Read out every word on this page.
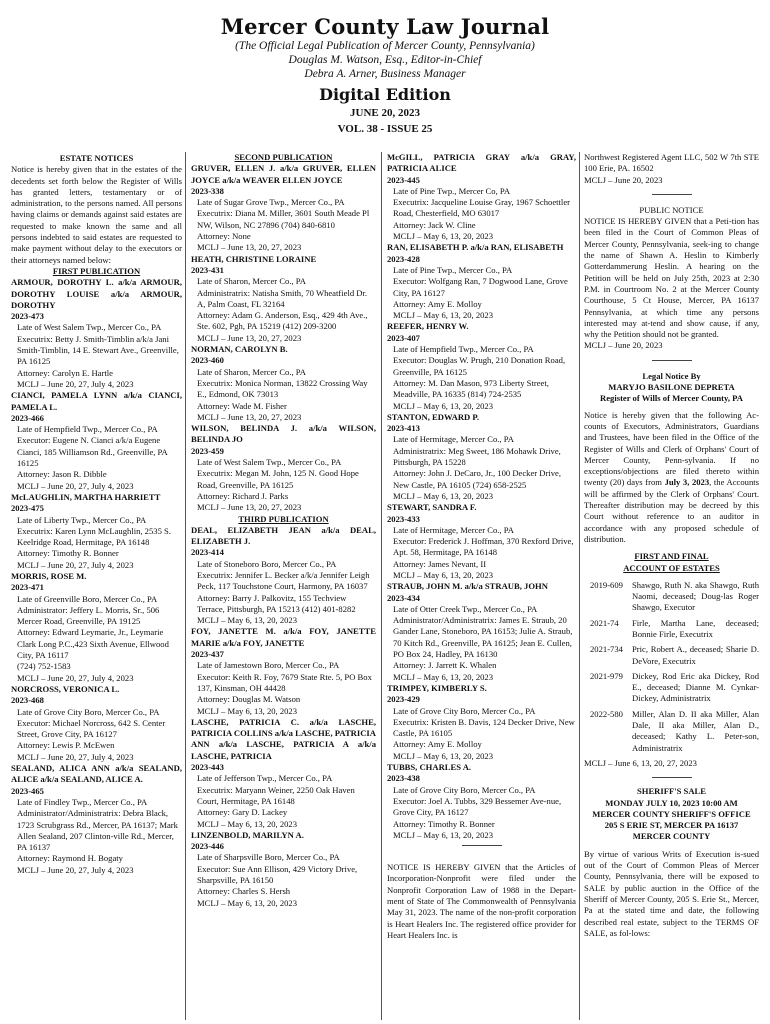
Mercer County Law Journal
(The Official Legal Publication of Mercer County, Pennsylvania)
Douglas M. Watson, Esq., Editor-in-Chief
Debra A. Arner, Business Manager
Digital Edition
JUNE 20, 2023
VOL. 38 - ISSUE 25
ESTATE NOTICES
Notice is hereby given that in the estates of the decedents set forth below the Register of Wills has granted letters, testamentary or of administration, to the persons named. All persons having claims or demands against said estates are requested to make known the same and all persons indebted to said estates are requested to make payment without delay to the executors or their attorneys named below:
FIRST PUBLICATION
ARMOUR, DOROTHY L. a/k/a ARMOUR, DOROTHY LOUISE a/k/a ARMOUR, DOROTHY
2023-473
Late of West Salem Twp., Mercer Co., PA
Executrix: Betty J. Smith-Timblin a/k/a Jani Smith-Timblin, 14 E. Stewart Ave., Greenville, PA 16125
Attorney: Carolyn E. Hartle
MCLJ – June 20, 27, July 4, 2023
CIANCI, PAMELA LYNN a/k/a CIANCI, PAMELA L.
2023-466
Late of Hempfield Twp., Mercer Co., PA
Executor: Eugene N. Cianci a/k/a Eugene Cianci, 185 Williamson Rd., Greenville, PA 16125
Attorney: Jason R. Dibble
MCLJ – June 20, 27, July 4, 2023
McLAUGHLIN, MARTHA HARRIETT
2023-475
Late of Liberty Twp., Mercer Co., PA
Executrix: Karen Lynn McLaughlin, 2535 S. Keelridge Road, Hermitage, PA 16148
Attorney: Timothy R. Bonner
MCLJ – June 20, 27, July 4, 2023
MORRIS, ROSE M.
2023-471
Late of Greenville Boro, Mercer Co., PA
Administrator: Jeffery L. Morris, Sr., 506 Mercer Road, Greenville, PA 19125
Attorney: Edward Leymarie, Jr., Leymarie Clark Long P.C.,423 Sixth Avenue, Ellwood City, PA 16117
(724) 752-1583
MCLJ – June 20, 27, July 4, 2023
NORCROSS, VERONICA L.
2023-468
Late of Grove City Boro, Mercer Co., PA
Executor: Michael Norcross, 642 S. Center Street, Grove City, PA 16127
Attorney: Lewis P. McEwen
MCLJ – June 20, 27, July 4, 2023
SEALAND, ALICA ANN a/k/a SEALAND, ALICE a/k/a SEALAND, ALICE A.
2023-465
Late of Findley Twp., Mercer Co., PA
Administrator/Administratrix: Debra Black, 1723 Scrubgrass Rd., Mercer, PA 16137; Mark Allen Sealand, 207 Clinton-ville Rd., Mercer, PA 16137
Attorney: Raymond H. Bogaty
MCLJ – June 20, 27, July 4, 2023
SECOND PUBLICATION
GRUVER, ELLEN J. a/k/a GRUVER, ELLEN JOYCE a/k/a WEAVER ELLEN JOYCE
2023-338
Late of Sugar Grove Twp., Mercer Co., PA
Executrix: Diana M. Miller, 3601 South Meade Pl NW, Wilson, NC 27896 (704) 840-6810
Attorney: None
MCLJ – June 13, 20, 27, 2023
HEATH, CHRISTINE LORAINE
2023-431
Late of Sharon, Mercer Co., PA
Administratrix: Natisha Smith, 70 Wheatfield Dr. A, Palm Coast, FL 32164
Attorney: Adam G. Anderson, Esq., 429 4th Ave., Ste. 602, Pgh, PA 15219 (412) 209-3200
MCLJ – June 13, 20, 27, 2023
NORMAN, CAROLYN B.
2023-460
Late of Sharon, Mercer Co., PA
Executrix: Monica Norman, 13822 Crossing Way E., Edmond, OK 73013
Attorney: Wade M. Fisher
MCLJ – June 13, 20, 27, 2023
WILSON, BELINDA J. a/k/a WILSON, BELINDA JO
2023-459
Late of West Salem Twp., Mercer Co., PA
Executrix: Megan M. John, 125 N. Good Hope Road, Greenville, PA 16125
Attorney: Richard J. Parks
MCLJ – June 13, 20, 27, 2023
THIRD PUBLICATION
DEAL, ELIZABETH JEAN a/k/a DEAL, ELIZABETH J.
2023-414
Late of Stoneboro Boro, Mercer Co., PA
Executrix: Jennifer L. Becker a/k/a Jennifer Leigh Peck, 117 Touchstone Court, Harmony, PA 16037
Attorney: Barry J. Palkovitz, 155 Techview Terrace, Pittsburgh, PA 15213 (412) 401-8282
MCLJ – May 6, 13, 20, 2023
FOY, JANETTE M. a/k/a FOY, JANETTE MARIE a/k/a FOY, JANETTE
2023-437
Late of Jamestown Boro, Mercer Co., PA
Executor: Keith R. Foy, 7679 State Rte. 5, PO Box 137, Kinsman, OH 44428
Attorney: Douglas M. Watson
MCLJ – May 6, 13, 20, 2023
LASCHE, PATRICIA C. a/k/a LASCHE, PATRICIA COLLINS a/k/a LASCHE, PATRICIA ANN a/k/a LASCHE, PATRICIA A a/k/a LASCHE, PATRICIA
2023-443
Late of Jefferson Twp., Mercer Co., PA
Executrix: Maryann Weiner, 2250 Oak Haven Court, Hermitage, PA 16148
Attorney: Gary D. Lackey
MCLJ – May 6, 13, 20, 2023
LINZENBOLD, MARILYN A.
2023-446
Late of Sharpsville Boro, Mercer Co., PA
Executor: Sue Ann Ellison, 429 Victory Drive, Sharpsville, PA 16150
Attorney: Charles S. Hersh
MCLJ – May 6, 13, 20, 2023
McGILL, PATRICIA GRAY a/k/a GRAY, PATRICIA ALICE
2023-445
Late of Pine Twp., Mercer Co, PA
Executrix: Jacqueline Louise Gray, 1967 Schoettler Road, Chesterfield, MO 63017
Attorney: Jack W. Cline
MCLJ – May 6, 13, 20, 2023
RAN, ELISABETH P. a/k/a RAN, ELISABETH
2023-428
Late of Pine Twp., Mercer Co., PA
Executor: Wolfgang Ran, 7 Dogwood Lane, Grove City, PA 16127
Attorney: Amy E. Molloy
MCLJ – May 6, 13, 20, 2023
REEFER, HENRY W.
2023-407
Late of Hempfield Twp., Mercer Co., PA
Executor: Douglas W. Prugh, 210 Donation Road, Greenville, PA 16125
Attorney: M. Dan Mason, 973 Liberty Street, Meadville, PA 16335 (814) 724-2535
MCLJ – May 6, 13, 20, 2023
STANTON, EDWARD P.
2023-413
Late of Hermitage, Mercer Co., PA
Administratrix: Meg Sweet, 186 Mohawk Drive, Pittsburgh, PA 15228
Attorney: John J. DeCaro, Jr., 100 Decker Drive, New Castle, PA 16105 (724) 658-2525
MCLJ – May 6, 13, 20, 2023
STEWART, SANDRA F.
2023-433
Late of Hermitage, Mercer Co., PA
Executor: Frederick J. Hoffman, 370 Rexford Drive, Apt. 58, Hermitage, PA 16148
Attorney: James Nevant, II
MCLJ – May 6, 13, 20, 2023
STRAUB, JOHN M. a/k/a STRAUB, JOHN
2023-434
Late of Otter Creek Twp., Mercer Co., PA
Administrator/Administratrix: James E. Straub, 20 Gander Lane, Stoneboro, PA 16153; Julie A. Straub, 70 Kitch Rd., Greenville, PA 16125; Jean E. Cullen, PO Box 24, Hadley, PA 16130
Attorney: J. Jarrett K. Whalen
MCLJ – May 6, 13, 20, 2023
TRIMPEY, KIMBERLY S.
2023-429
Late of Grove City Boro, Mercer Co., PA
Executrix: Kristen B. Davis, 124 Decker Drive, New Castle, PA 16105
Attorney: Amy E. Molloy
MCLJ – May 6, 13, 20, 2023
TUBBS, CHARLES A.
2023-438
Late of Grove City Boro, Mercer Co., PA
Executor: Joel A. Tubbs, 329 Bessemer Ave-nue, Grove City, PA 16127
Attorney: Timothy R. Bonner
MCLJ – May 6, 13, 20, 2023
NOTICE IS HEREBY GIVEN that the Articles of Incorporation-Nonprofit were filed under the Nonprofit Corporation Law of 1988 in the Depart-ment of State of The Commonwealth of Pennsylvania May 31, 2023. The name of the non-profit corporation is Heart Healers Inc. The registered office provider for Heart Healers Inc. is
Northwest Registered Agent LLC, 502 W 7th STE 100 Erie, PA. 16502
MCLJ – June 20, 2023
PUBLIC NOTICE
NOTICE IS HEREBY GIVEN that a Peti-tion has been filed in the Court of Common Pleas of Mercer County, Pennsylvania, seek-ing to change the name of Shawn A. Heslin to Kimberly Gotterdammerung Heslin. A hearing on the Petition will be held on July 25th, 2023 at 2:30 P.M. in Courtroom No. 2 at the Mercer County Courthouse, 5 Ct House, Mercer, PA 16137 Pennsylvania, at which time any persons interested may at-tend and show cause, if any, why the Petition should not be granted.
MCLJ – June 20, 2023
Legal Notice By
MARYJO BASILONE DEPRETA
Register of Wills of Mercer County, PA
Notice is hereby given that the following Ac-counts of Executors, Administrators, Guardians and Trustees, have been filed in the Office of the Register of Wills and Clerk of Orphans' Court of Mercer County, Penn-sylvania. If no exceptions/objections are filed thereto within twenty (20) days from July 3, 2023, the Accounts will be affirmed by the Clerk of Orphans' Court. Thereafter distribution may be decreed by this Court without reference to an auditor in accordance with any proposed schedule of distribution.
FIRST AND FINAL
ACCOUNT OF ESTATES
2019-609	Shawgo, Ruth N. aka Shawgo, Ruth Naomi, deceased; Doug-las Roger Shawgo, Executor
2021-74	Firle, Martha Lane, deceased; Bonnie Firle, Executrix
2021-734	Pric, Robert A., deceased; Sharie D. DeVore, Executrix
2021-979	Dickey, Rod Eric aka Dickey, Rod E., deceased; Dianne M. Cynkar-Dickey, Administratrix
2022-580	Miller, Alan D. II aka Miller, Alan Dale, II aka Miller, Alan D., deceased; Kathy L. Peter-son, Administratrix
MCLJ – June 6, 13, 20, 27, 2023
SHERIFF'S SALE
MONDAY JULY 10, 2023 10:00 AM
MERCER COUNTY SHERIFF'S OFFICE
205 S ERIE ST, MERCER PA 16137
MERCER COUNTY
By virtue of various Writs of Execution is-sued out of the Court of Common Pleas of Mercer County, Pennsylvania, there will be exposed to SALE by public auction in the Office of the Sheriff of Mercer County, 205 S. Erie St., Mercer, Pa at the stated time and date, the following described real estate, subject to the TERMS OF SALE, as fol-lows:
